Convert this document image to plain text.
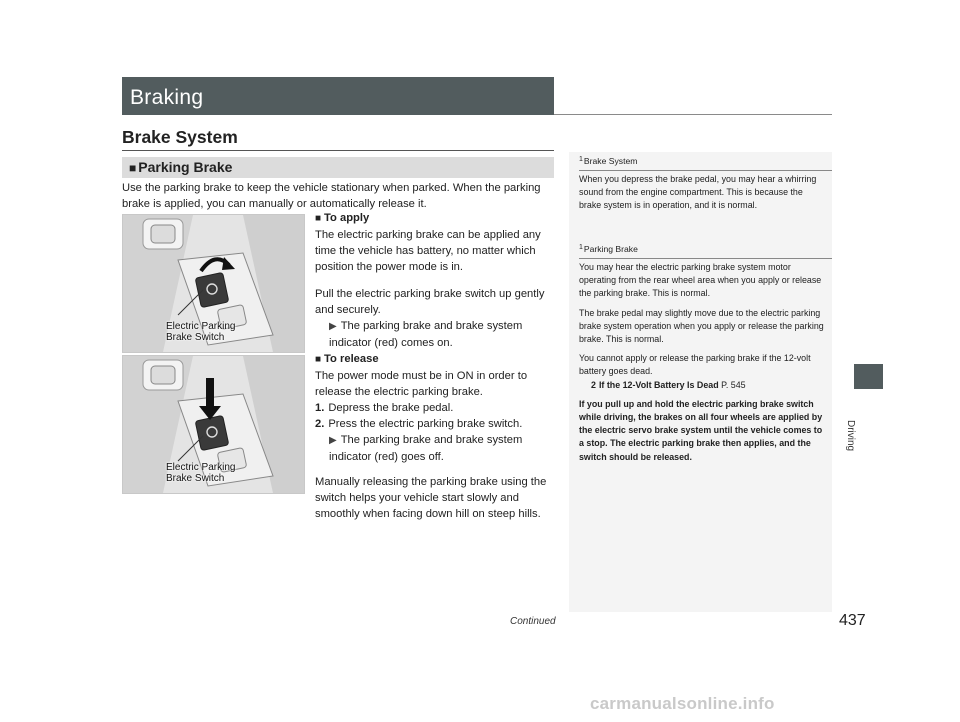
Braking
Brake System
■ Parking Brake
Use the parking brake to keep the vehicle stationary when parked. When the parking brake is applied, you can manually or automatically release it.
Electric Parking
Brake Switch
Electric Parking
Brake Switch

■ To apply

The electric parking brake can be applied any time the vehicle has battery, no matter which position the power mode is in.

Pull the electric parking brake switch up gently and securely.

▶ The parking brake and brake system indicator (red) comes on.

■ To release

The power mode must be in ON in order to release the electric parking brake.

1. Depress the brake pedal.

2. Press the electric parking brake switch.

▶ The parking brake and brake system indicator (red) goes off.

Manually releasing the parking brake using the switch helps your vehicle start slowly and smoothly when facing down hill on steep hills.

$^1$Brake System

When you depress the brake pedal, you may hear a whirring sound from the engine compartment. This is because the brake system is in operation, and it is normal.

$^1$Parking Brake

You may hear the electric parking brake system motor operating from the rear wheel area when you apply or release the parking brake. This is normal.

The brake pedal may slightly move due to the electric parking brake system operation when you apply or release the parking brake. This is normal.

You cannot apply or release the parking brake if the 12-volt battery goes dead.

2 If the 12-Volt Battery Is Dead P. 545

If you pull up and hold the electric parking brake switch while driving, the brakes on all four wheels are applied by the electric servo brake system until the vehicle comes to a stop. The electric parking brake then applies, and the switch should be released.

Driving
Continued	437
carmanualsonline.info
